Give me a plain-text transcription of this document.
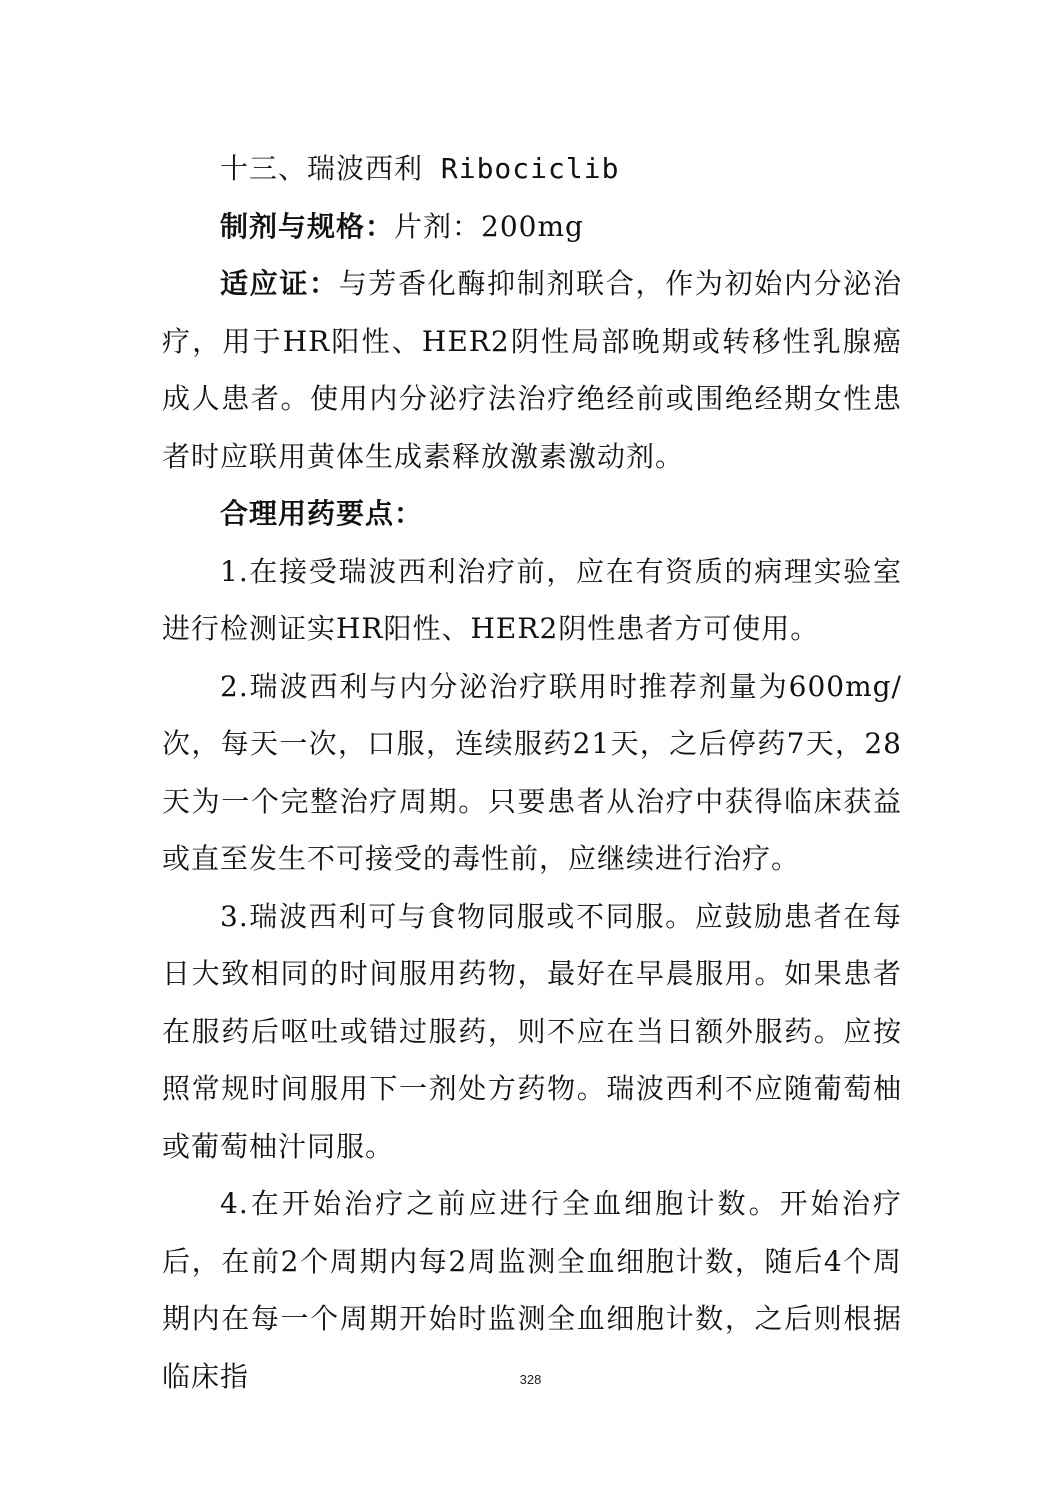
十三、瑞波西利 Ribociclib

制剂与规格：片剂：200mg

适应证：与芳香化酶抑制剂联合，作为初始内分泌治疗，用于HR阳性、HER2阴性局部晚期或转移性乳腺癌成人患者。使用内分泌疗法治疗绝经前或围绝经期女性患者时应联用黄体生成素释放激素激动剂。

合理用药要点：

1.在接受瑞波西利治疗前，应在有资质的病理实验室进行检测证实HR阳性、HER2阴性患者方可使用。

2.瑞波西利与内分泌治疗联用时推荐剂量为600mg/次，每天一次，口服，连续服药21天，之后停药7天，28天为一个完整治疗周期。只要患者从治疗中获得临床获益或直至发生不可接受的毒性前，应继续进行治疗。

3.瑞波西利可与食物同服或不同服。应鼓励患者在每日大致相同的时间服用药物，最好在早晨服用。如果患者在服药后呕吐或错过服药，则不应在当日额外服药。应按照常规时间服用下一剂处方药物。瑞波西利不应随葡萄柚或葡萄柚汁同服。

4.在开始治疗之前应进行全血细胞计数。开始治疗后，在前2个周期内每2周监测全血细胞计数，随后4个周期内在每一个周期开始时监测全血细胞计数，之后则根据临床指	328
